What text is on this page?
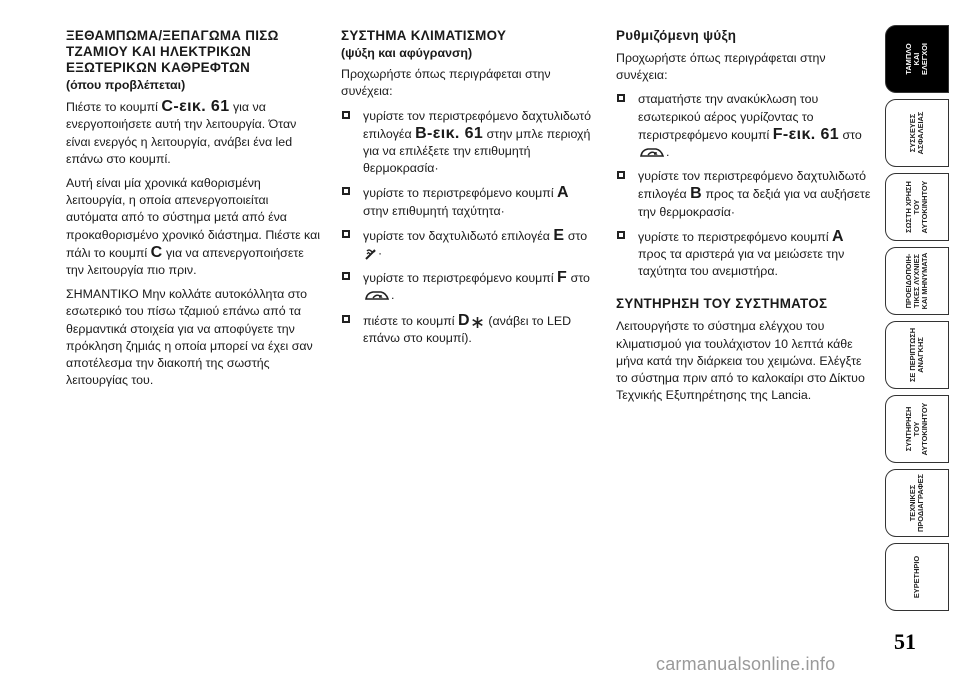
ΞΕΘΑΜΠΩΜΑ/ΞΕΠΑΓΩΜΑ ΠΙΣΩ ΤΖΑΜΙΟΥ ΚΑΙ ΗΛΕΚΤΡΙΚΩΝ ΕΞΩΤΕΡΙΚΩΝ ΚΑΘΡΕΦΤΩΝ
(όπου προβλέπεται)

Πιέστε το κουμπί C-εικ. 61 για να ενεργοποιήσετε αυτή την λειτουργία. Όταν είναι ενεργός η λειτουργία, ανάβει ένα led επάνω στο κουμπί.

Αυτή είναι μία χρονικά καθορισμένη λειτουργία, η οποία απενεργοποιείται αυτόματα από το σύστημα μετά από ένα προκαθορισμένο χρονικό διάστημα. Πιέστε και πάλι το κουμπί C για να απενεργοποιήσετε την λειτουργία πιο πριν.

ΣΗΜΑΝΤΙΚΟ Μην κολλάτε αυτοκόλλητα στο εσωτερικό του πίσω τζαμιού επάνω από τα θερμαντικά στοιχεία για να αποφύγετε την πρόκληση ζημιάς η οποία μπορεί να έχει σαν αποτέλεσμα την διακοπή της σωστής λειτουργίας του.

ΣΥΣΤΗΜΑ ΚΛΙΜΑΤΙΣΜΟΥ
(ψύξη και αφύγρανση)

Προχωρήστε όπως περιγράφεται στην συνέχεια:

γυρίστε τον περιστρεφόμενο δαχτυλιδωτό επιλογέα B-εικ. 61 στην μπλε περιοχή για να επιλέξετε την επιθυμητή θερμοκρασία·
γυρίστε το περιστρεφόμενο κουμπί A στην επιθυμητή ταχύτητα·
γυρίστε τον δαχτυλιδωτό επιλογέα E στο ·
γυρίστε το περιστρεφόμενο κουμπί F στο
.
πιέστε το κουμπί D (ανάβει το LED επάνω στο κουμπί).
Ρυθμιζόμενη ψύξη

Προχωρήστε όπως περιγράφεται στην συνέχεια:

σταματήστε την ανακύκλωση του εσωτερικού αέρος γυρίζοντας το περιστρεφόμενο κουμπί F-εικ. 61 στο .
γυρίστε τον περιστρεφόμενο δαχτυλιδωτό επιλογέα B προς τα δεξιά για να αυξήσετε την θερμοκρασία·
γυρίστε το περιστρεφόμενο κουμπί A προς τα αριστερά για να μειώσετε την ταχύτητα του ανεμιστήρα.
ΣΥΝΤΗΡΗΣΗ ΤΟΥ ΣΥΣΤΗΜΑΤΟΣ

Λειτουργήστε το σύστημα ελέγχου του κλιματισμού για τουλάχιστον 10 λεπτά κάθε μήνα κατά την διάρκεια του χειμώνα. Ελέγξτε το σύστημα πριν από το καλοκαίρι στο Δίκτυο Τεχνικής Εξυπηρέτησης της Lancia.

ΤΑΜΠΛΟ
ΚΑΙ
ΕΛΕΓΧΟΙ
ΣΥΣΚΕΥΕΣ
ΑΣΦΑΛΕΙΑΣ
ΣΩΣΤΗ ΧΡΗΣΗ
ΤΟΥ
ΑΥΤΟΚΙΝΗΤΟΥ
ΠΡΟΕΙΔΟΠΟΙΗ-
ΤΙΚΕΣ ΛΥΧΝΙΕΣ
ΚΑΙ ΜΗΝΥΜΑΤΑ
ΣΕ ΠΕΡΙΠΤΩΣΗ
ΑΝΑΓΚΗΣ
ΣΥΝΤΗΡΗΣΗ
ΤΟΥ
ΑΥΤΟΚΙΝΗΤΟΥ
ΤΕΧΝΙΚΕΣ
ΠΡΟΔΙΑΓΡΑΦΕΣ
ΕΥΡΕΤΗΡΙΟ
51
carmanualsonline.info
